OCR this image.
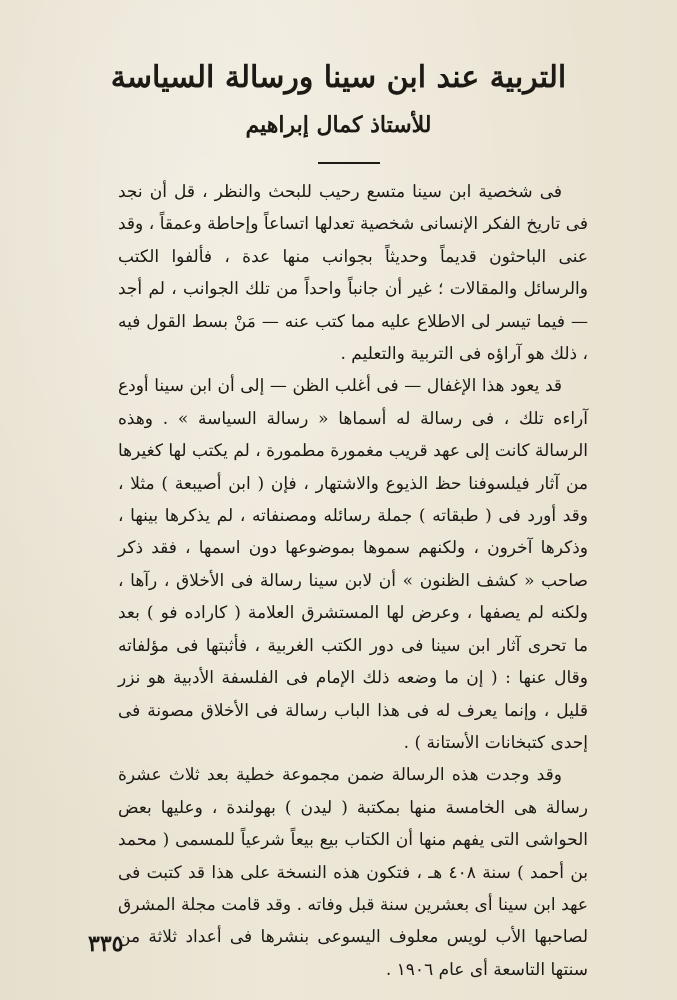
التربية عند ابن سينا ورسالة السياسة
للأستاذ كمال إبراهيم

فى شخصية ابن سينا متسع رحيب للبحث والنظر ، قل أن نجد فى تاريخ الفكر الإنسانى شخصية تعدلها اتساعاً وإحاطة وعمقاً ، وقد عنى الباحثون قديماً وحديثاً بجوانب منها عدة ، فألفوا الكتب والرسائل والمقالات ؛ غير أن جانباً واحداً من تلك الجوانب ، لم أجد — فيما تيسر لى الاطلاع عليه مما كتب عنه — مَنْ بسط القول فيه ، ذلك هو آراؤه فى التربية والتعليم .

قد يعود هذا الإغفال — فى أغلب الظن — إلى أن ابن سينا أودع آراءه تلك ، فى رسالة له أسماها « رسالة السياسة » . وهذه الرسالة كانت إلى عهد قريب مغمورة مطمورة ، لم يكتب لها كغيرها من آثار فيلسوفنا حظ الذيوع والاشتهار ، فإن ( ابن أصيبعة ) مثلا ، وقد أورد فى ( طبقاته ) جملة رسائله ومصنفاته ، لم يذكرها بينها ، وذكرها آخرون ، ولكنهم سموها بموضوعها دون اسمها ، فقد ذكر صاحب « كشف الظنون » أن لابن سينا رسالة فى الأخلاق ، رآها ، ولكنه لم يصفها ، وعرض لها المستشرق العلامة ( كاراده فو ) بعد ما تحرى آثار ابن سينا فى دور الكتب الغربية ، فأثبتها فى مؤلفاته وقال عنها : ( إن ما وضعه ذلك الإمام فى الفلسفة الأدبية هو نزر قليل ، وإنما يعرف له فى هذا الباب رسالة فى الأخلاق مصونة فى إحدى كتبخانات الأستانة ) .

وقد وجدت هذه الرسالة ضمن مجموعة خطية بعد ثلاث عشرة رسالة هى الخامسة منها بمكتبة ( ليدن ) بهولندة ، وعليها بعض الحواشى التى يفهم منها أن الكتاب بيع بيعاً شرعياً للمسمى ( محمد بن أحمد ) سنة ٤٠٨ هـ ، فتكون هذه النسخة على هذا قد كتبت فى عهد ابن سينا أى بعشرين سنة قبل وفاته . وقد قامت مجلة المشرق لصاحبها الأب لويس معلوف اليسوعى بنشرها فى أعداد ثلاثة من سنتها التاسعة أى عام ١٩٠٦ .

٣٣٥
